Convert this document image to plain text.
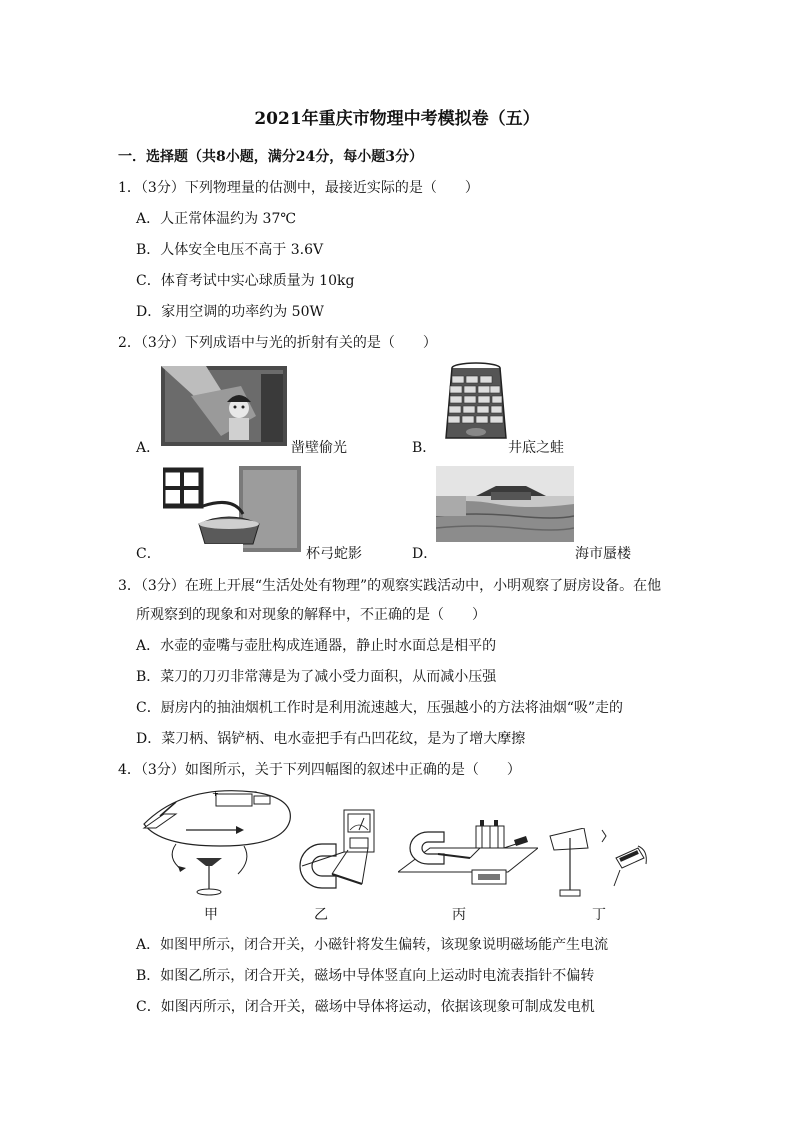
2021年重庆市物理中考模拟卷（五）
一．选择题（共8小题，满分24分，每小题3分）
1．（3分）下列物理量的估测中，最接近实际的是（　　）
A．人正常体温约为 37℃
B．人体安全电压不高于 3.6V
C．体育考试中实心球质量为 10kg
D．家用空调的功率约为 50W
2．（3分）下列成语中与光的折射有关的是（　　）
A．	凿壁偷光	B．	井底之蛙
C．	杯弓蛇影	D．	海市蜃楼
3．（3分）在班上开展“生活处处有物理”的观察实践活动中，小明观察了厨房设备。在他
所观察到的现象和对现象的解释中，不正确的是（　　）
A．水壶的壶嘴与壶肚构成连通器，静止时水面总是相平的
B．菜刀的刀刃非常薄是为了减小受力面积，从而减小压强
C．厨房内的抽油烟机工作时是利用流速越大，压强越小的方法将油烟“吸”走的
D．菜刀柄、锅铲柄、电水壶把手有凸凹花纹，是为了增大摩擦
4．（3分）如图所示，关于下列四幅图的叙述中正确的是（　　）
+	-
甲	乙	丙	丁
A．如图甲所示，闭合开关，小磁针将发生偏转，该现象说明磁场能产生电流
B．如图乙所示，闭合开关，磁场中导体竖直向上运动时电流表指针不偏转
C．如图丙所示，闭合开关，磁场中导体将运动，依据该现象可制成发电机
